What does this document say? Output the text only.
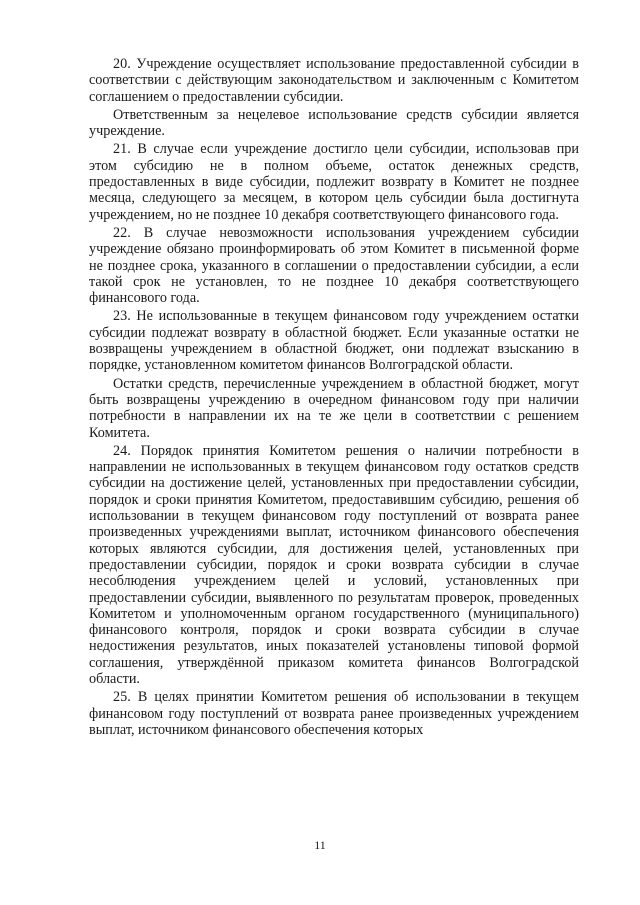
20. Учреждение осуществляет использование предоставленной субсидии в соответствии с действующим законодательством и заключенным с Комитетом соглашением о предоставлении субсидии.

Ответственным за нецелевое использование средств субсидии является учреждение.

21. В случае если учреждение достигло цели субсидии, использовав при этом субсидию не в полном объеме, остаток денежных средств, предоставленных в виде субсидии, подлежит возврату в Комитет не позднее месяца, следующего за месяцем, в котором цель субсидии была достигнута учреждением, но не позднее 10 декабря соответствующего финансового года.

22. В случае невозможности использования учреждением субсидии учреждение обязано проинформировать об этом Комитет в письменной форме не позднее срока, указанного в соглашении о предоставлении субсидии, а если такой срок не установлен, то не позднее 10 декабря соответствующего финансового года.

23. Не использованные в текущем финансовом году учреждением остатки субсидии подлежат возврату в областной бюджет. Если указанные остатки не возвращены учреждением в областной бюджет, они подлежат взысканию в порядке, установленном комитетом финансов Волгоградской области.

Остатки средств, перечисленные учреждением в областной бюджет, могут быть возвращены учреждению в очередном финансовом году при наличии потребности в направлении их на те же цели в соответствии с решением Комитета.

24. Порядок принятия Комитетом решения о наличии потребности в направлении не использованных в текущем финансовом году остатков средств субсидии на достижение целей, установленных при предоставлении субсидии, порядок и сроки принятия Комитетом, предоставившим субсидию, решения об использовании в текущем финансовом году поступлений от возврата ранее произведенных учреждениями выплат, источником финансового обеспечения которых являются субсидии, для достижения целей, установленных при предоставлении субсидии, порядок и сроки возврата субсидии в случае несоблюдения учреждением целей и условий, установленных при предоставлении субсидии, выявленного по результатам проверок, проведенных Комитетом и уполномоченным органом государственного (муниципального) финансового контроля, порядок и сроки возврата субсидии в случае недостижения результатов, иных показателей установлены типовой формой соглашения, утверждённой приказом комитета финансов Волгоградской области.

25. В целях принятии Комитетом решения об использовании в текущем финансовом году поступлений от возврата ранее произведенных учреждением выплат, источником финансового обеспечения которых

11
